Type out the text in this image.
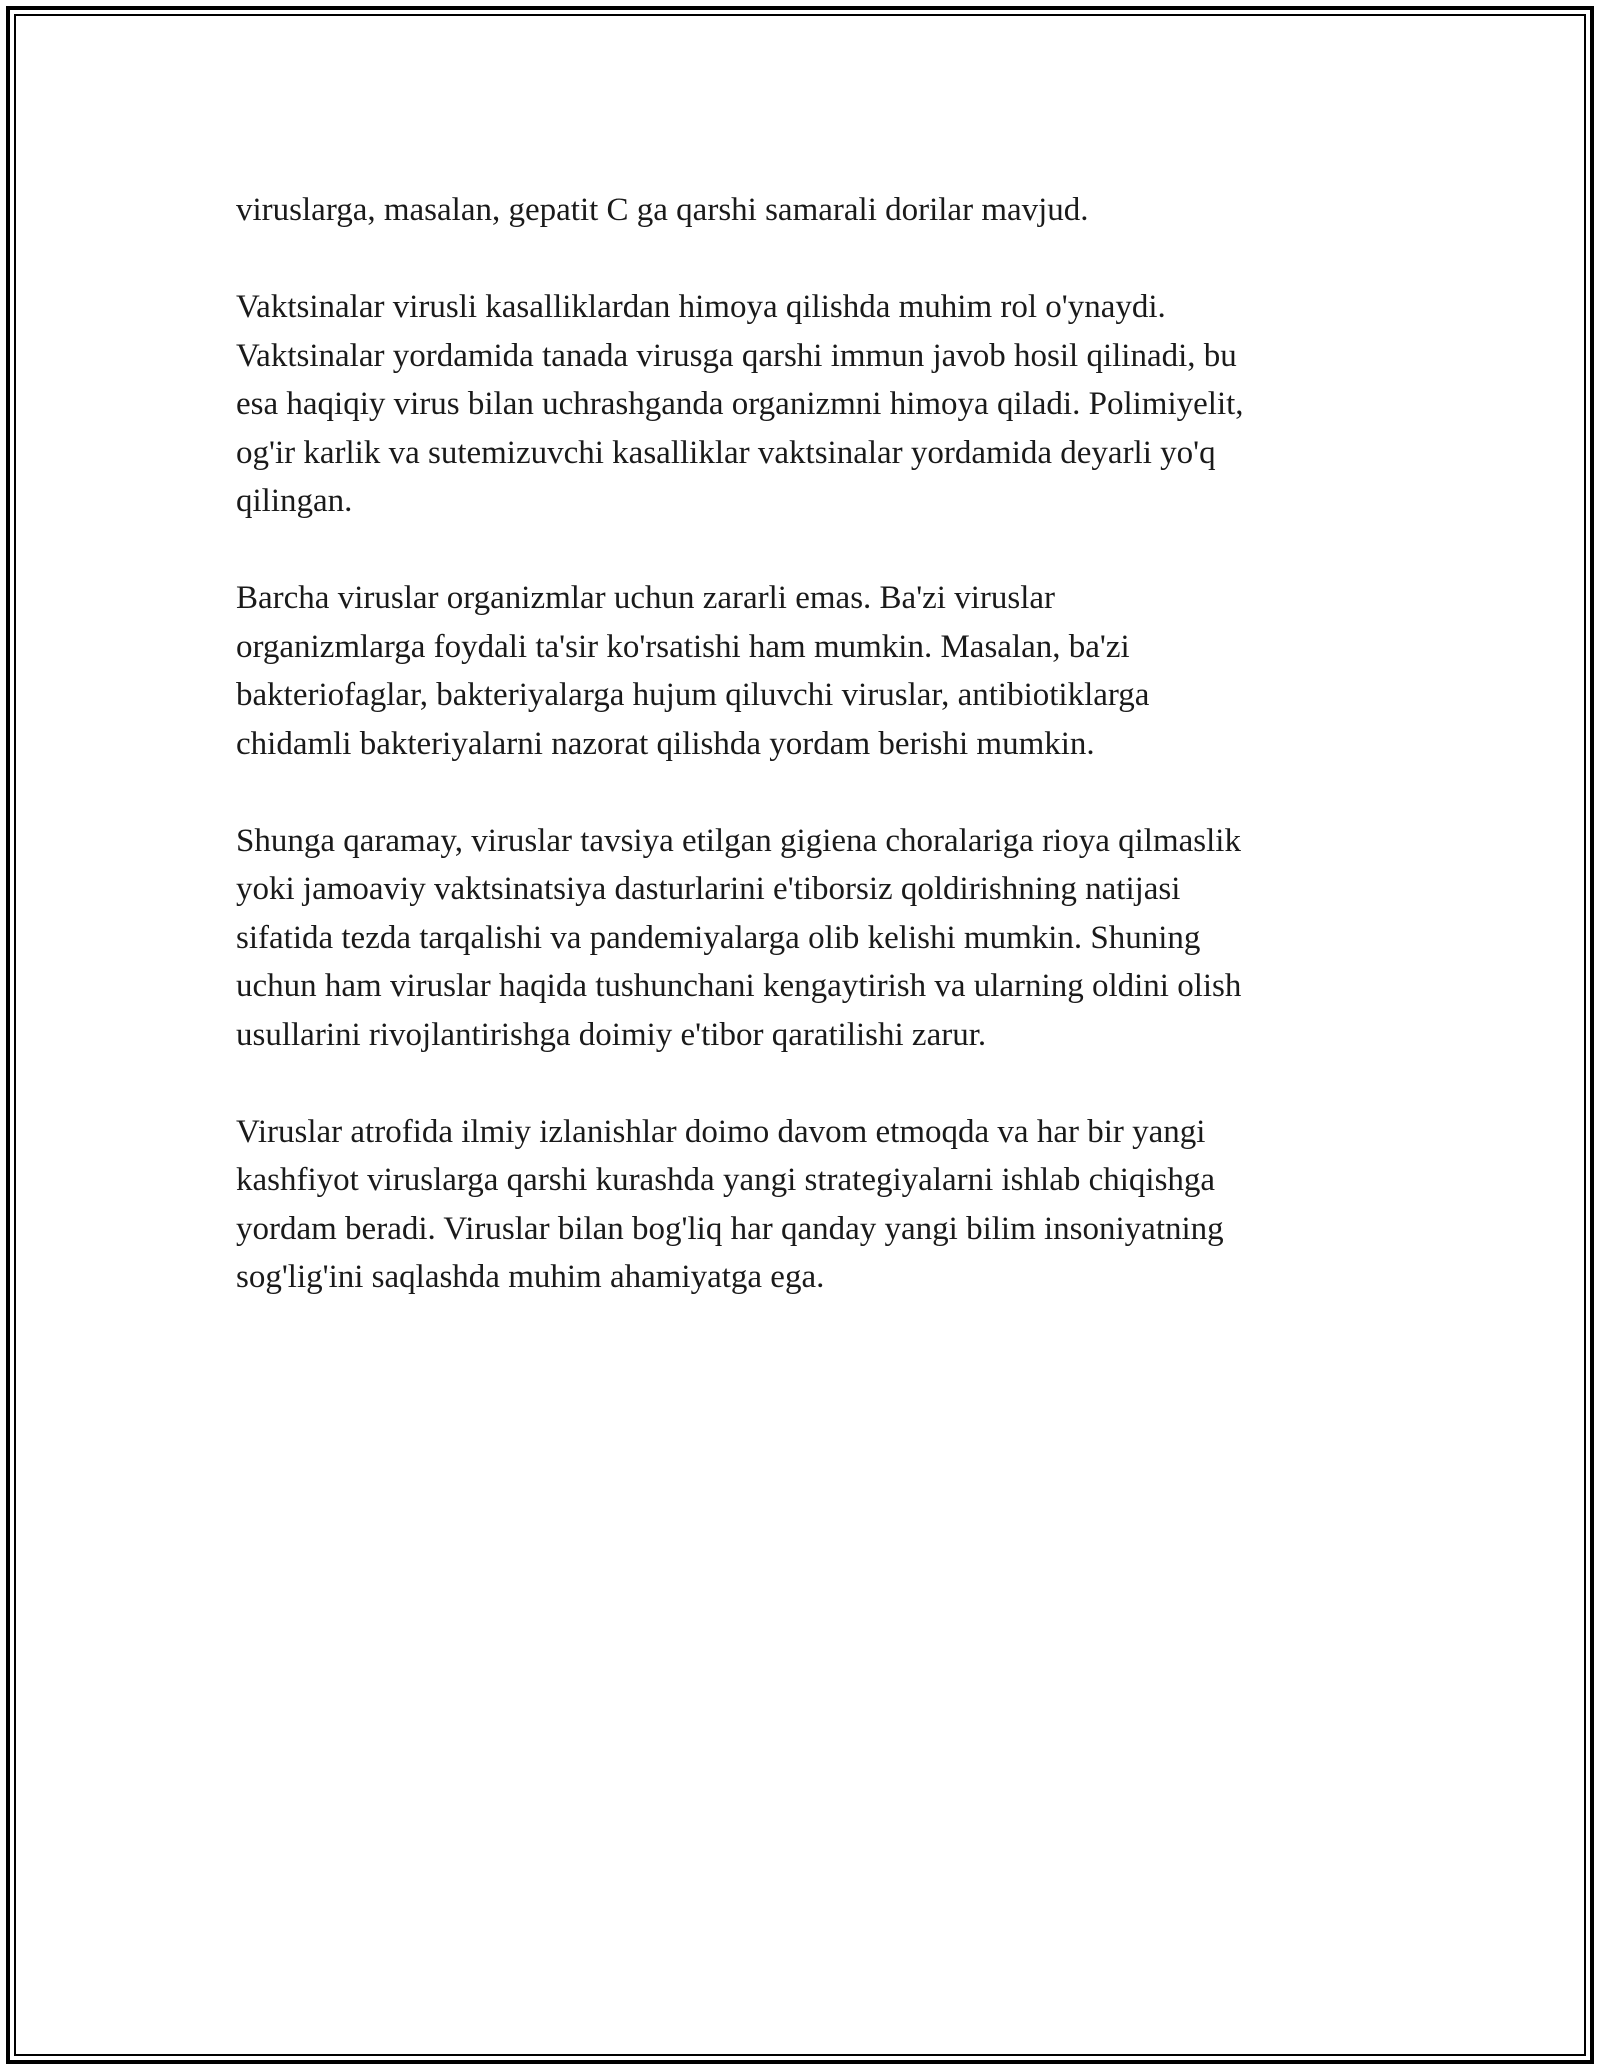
viruslarga, masalan, gepatit C ga qarshi samarali dorilar mavjud.

Vaktsinalar virusli kasalliklardan himoya qilishda muhim rol o'ynaydi.
Vaktsinalar yordamida tanada virusga qarshi immun javob hosil qilinadi, bu
esa haqiqiy virus bilan uchrashganda organizmni himoya qiladi. Polimiyelit,
og'ir karlik va sutemizuvchi kasalliklar vaktsinalar yordamida deyarli yo'q
qilingan.

Barcha viruslar organizmlar uchun zararli emas. Ba'zi viruslar
organizmlarga foydali ta'sir ko'rsatishi ham mumkin. Masalan, ba'zi
bakteriofaglar, bakteriyalarga hujum qiluvchi viruslar, antibiotiklarga
chidamli bakteriyalarni nazorat qilishda yordam berishi mumkin.

Shunga qaramay, viruslar tavsiya etilgan gigiena choralariga rioya qilmaslik
yoki jamoaviy vaktsinatsiya dasturlarini e'tiborsiz qoldirishning natijasi
sifatida tezda tarqalishi va pandemiyalarga olib kelishi mumkin. Shuning
uchun ham viruslar haqida tushunchani kengaytirish va ularning oldini olish
usullarini rivojlantirishga doimiy e'tibor qaratilishi zarur.

Viruslar atrofida ilmiy izlanishlar doimo davom etmoqda va har bir yangi
kashfiyot viruslarga qarshi kurashda yangi strategiyalarni ishlab chiqishga
yordam beradi. Viruslar bilan bog'liq har qanday yangi bilim insoniyatning
sog'lig'ini saqlashda muhim ahamiyatga ega.
